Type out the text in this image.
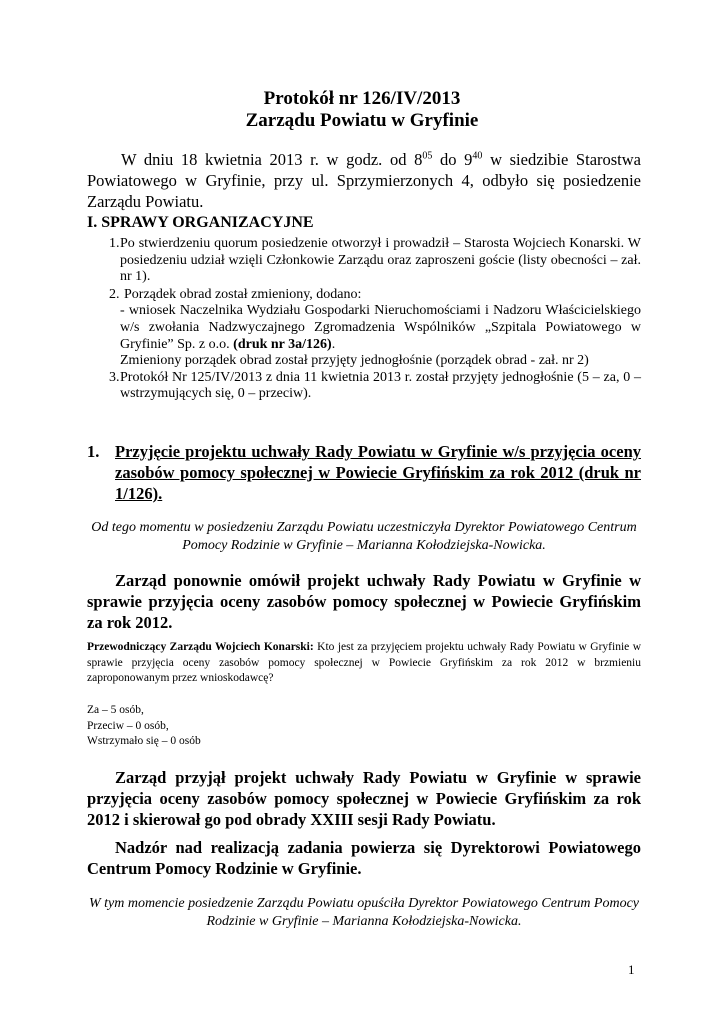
Protokół nr 126/IV/2013
Zarządu Powiatu w Gryfinie
W dniu 18 kwietnia 2013 r. w godz. od $8^{05}$ do $9^{40}$ w siedzibie Starostwa Powiatowego w Gryfinie, przy ul. Sprzymierzonych 4, odbyło się posiedzenie Zarządu Powiatu.
I. SPRAWY ORGANIZACYJNE
1. Po stwierdzeniu quorum posiedzenie otworzył i prowadził – Starosta Wojciech Konarski. W posiedzeniu udział wzięli Członkowie Zarządu oraz zaproszeni goście (listy obecności – zał. nr 1).
2. Porządek obrad został zmieniony, dodano:
- wniosek Naczelnika Wydziału Gospodarki Nieruchomościami i Nadzoru Właścicielskiego w/s zwołania Nadzwyczajnego Zgromadzenia Wspólników „Szpitala Powiatowego w Gryfinie” Sp. z o.o. (druk nr 3a/126).
Zmieniony porządek obrad został przyjęty jednogłośnie (porządek obrad - zał. nr 2)
3. Protokół Nr 125/IV/2013 z dnia 11 kwietnia 2013 r. został przyjęty jednogłośnie (5 – za, 0 – wstrzymujących się, 0 – przeciw).
1. Przyjęcie projektu uchwały Rady Powiatu w Gryfinie w/s przyjęcia oceny zasobów pomocy społecznej w Powiecie Gryfińskim za rok 2012 (druk nr 1/126).
Od tego momentu w posiedzeniu Zarządu Powiatu uczestniczyła Dyrektor Powiatowego Centrum Pomocy Rodzinie w Gryfinie – Marianna Kołodziejska-Nowicka.
Zarząd ponownie omówił projekt uchwały Rady Powiatu w Gryfinie w sprawie przyjęcia oceny zasobów pomocy społecznej w Powiecie Gryfińskim za rok 2012.
Przewodniczący Zarządu Wojciech Konarski: Kto jest za przyjęciem projektu uchwały Rady Powiatu w Gryfinie w sprawie przyjęcia oceny zasobów pomocy społecznej w Powiecie Gryfińskim za rok 2012 w brzmieniu zaproponowanym przez wnioskodawcę?
Za – 5 osób,
Przeciw – 0 osób,
Wstrzymało się – 0 osób
Zarząd przyjął projekt uchwały Rady Powiatu w Gryfinie w sprawie przyjęcia oceny zasobów pomocy społecznej w Powiecie Gryfińskim za rok 2012 i skierował go pod obrady XXIII sesji Rady Powiatu.
Nadzór nad realizacją zadania powierza się Dyrektorowi Powiatowego Centrum Pomocy Rodzinie w Gryfinie.
W tym momencie posiedzenie Zarządu Powiatu opuściła Dyrektor Powiatowego Centrum Pomocy Rodzinie w Gryfinie – Marianna Kołodziejska-Nowicka.
1
